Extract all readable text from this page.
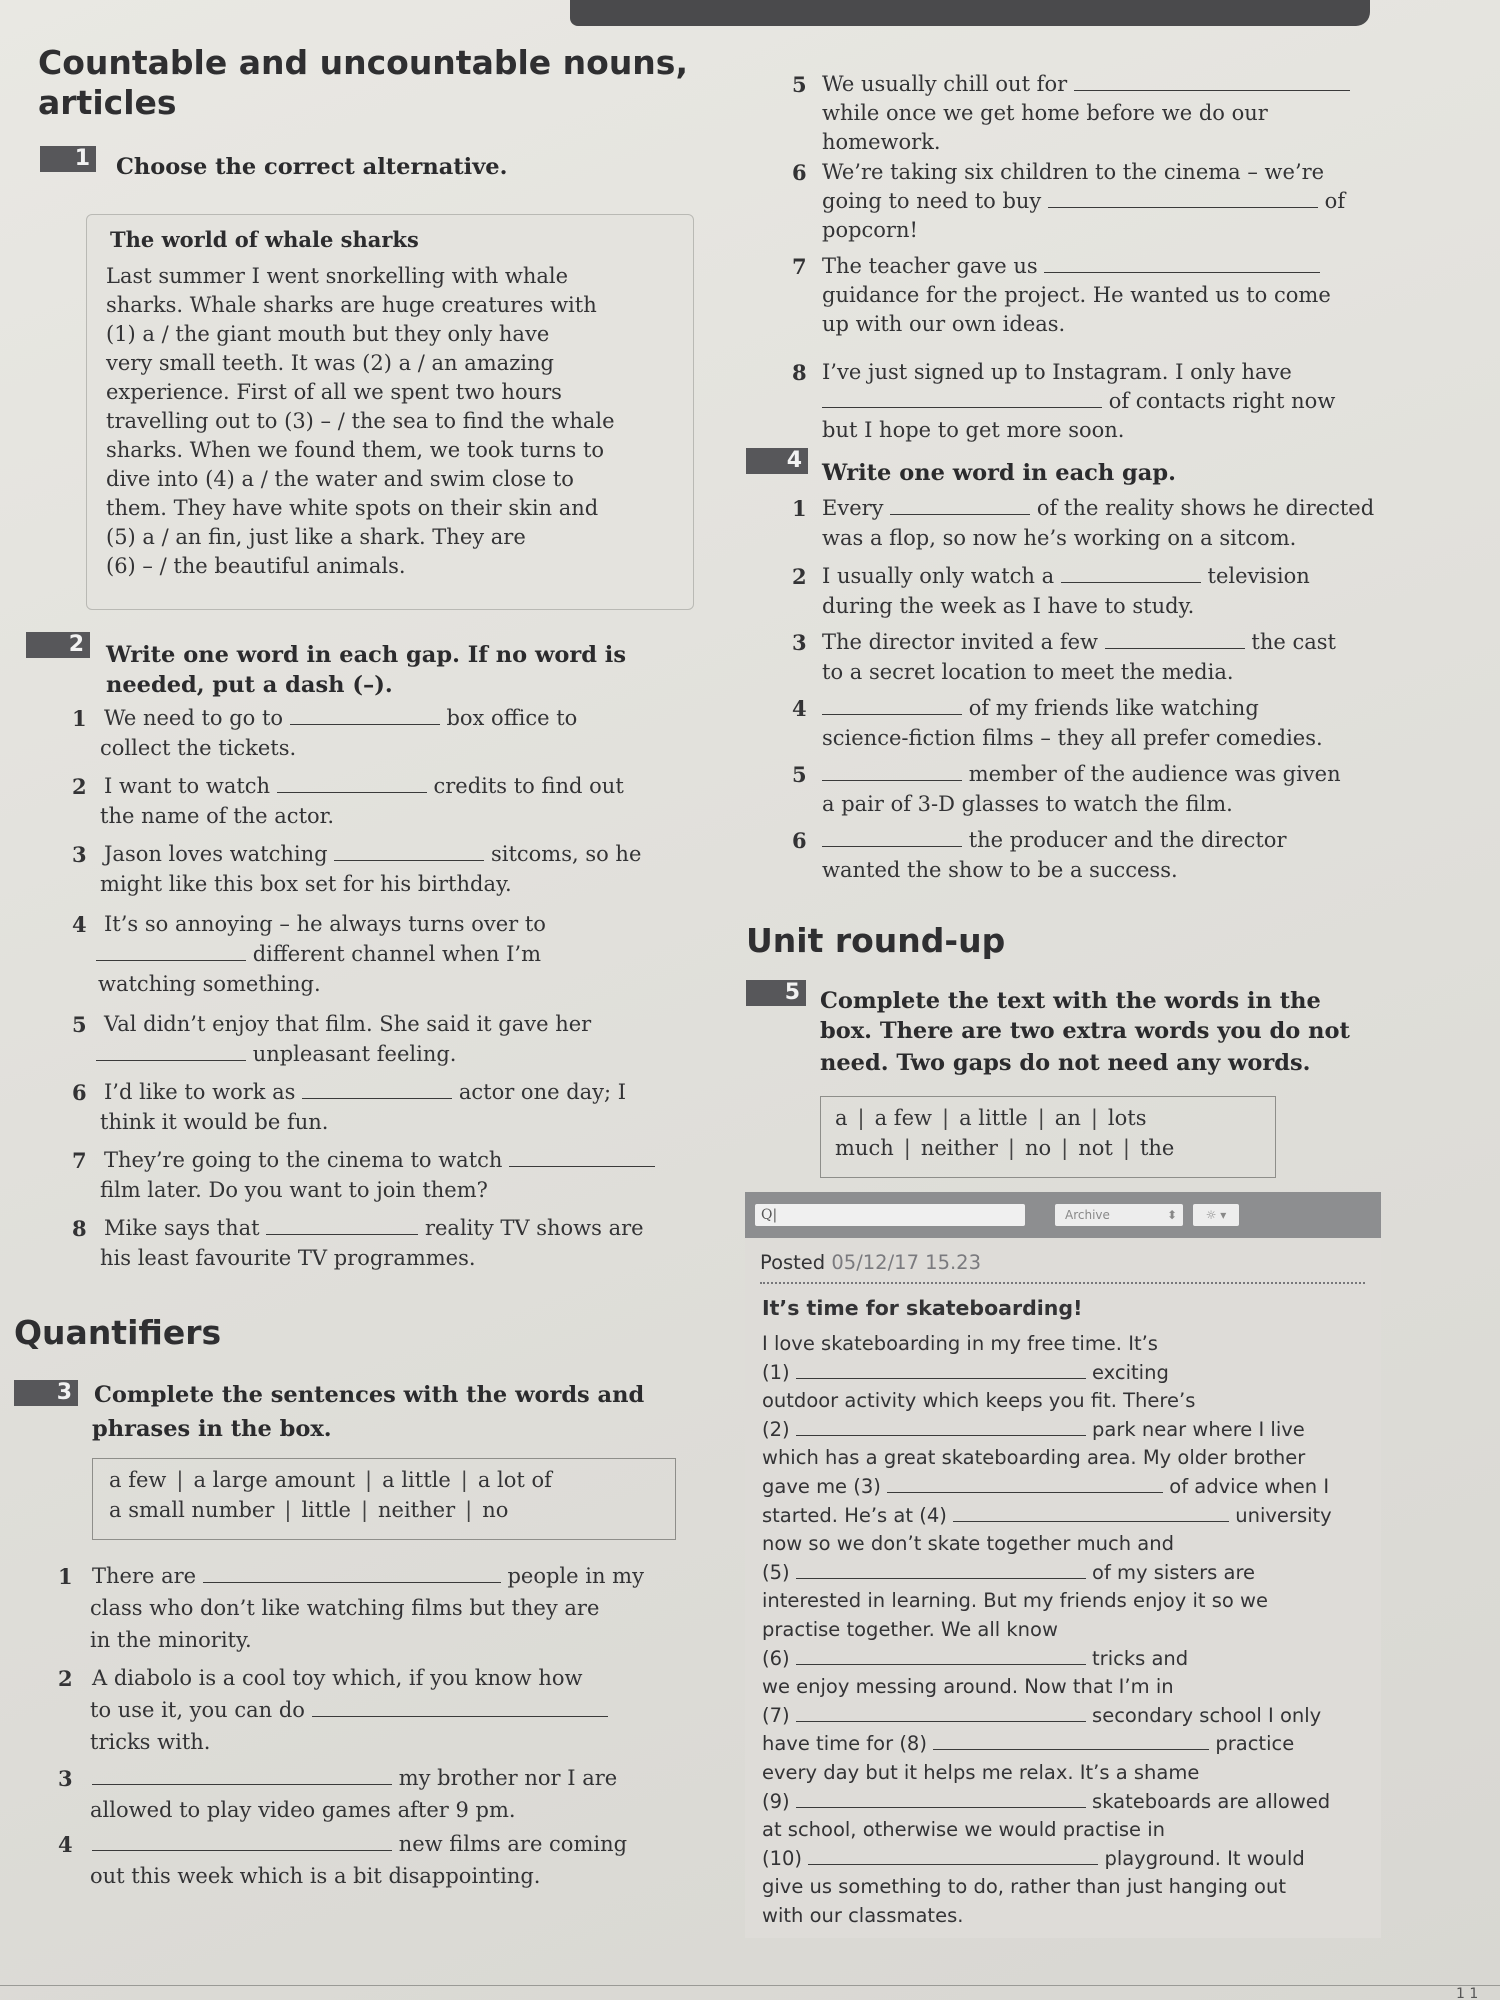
Countable and uncountable nouns,
articles
1 Choose the correct alternative.
The world of whale sharks
Last summer I went snorkelling with whale
sharks. Whale sharks are huge creatures with
(1) a / the giant mouth but they only have
very small teeth. It was (2) a / an amazing
experience. First of all we spent two hours
travelling out to (3) – / the sea to find the whale
sharks. When we found them, we took turns to
dive into (4) a / the water and swim close to
them. They have white spots on their skin and
(5) a / an fin, just like a shark. They are
(6) – / the beautiful animals.
2 Write one word in each gap. If no word is
needed, put a dash (–).
1 We need to go to	box office to
collect the tickets.
2 I want to watch	credits to find out
the name of the actor.
3 Jason loves watching	sitcoms, so he
might like this box set for his birthday.
4 It’s so annoying – he always turns over to
different channel when I’m
watching something.
5 Val didn’t enjoy that film. She said it gave her
unpleasant feeling.
6 I’d like to work as	actor one day; I
think it would be fun.
7 They’re going to the cinema to watch
film later. Do you want to join them?
8 Mike says that	reality TV shows are
his least favourite TV programmes.
Quantifiers
3 Complete the sentences with the words and
phrases in the box.
a few | a large amount | a little | a lot of
a small number | little | neither | no
1 There are	people in my
class who don’t like watching films but they are
in the minority.
2 A diabolo is a cool toy which, if you know how
to use it, you can do
tricks with.
3	my brother nor I are
allowed to play video games after 9 pm.
4	new films are coming
out this week which is a bit disappointing.
5 We usually chill out for
while once we get home before we do our
homework.
6 We’re taking six children to the cinema – we’re
going to need to buy	of
popcorn!
7 The teacher gave us
guidance for the project. He wanted us to come
up with our own ideas.
8 I’ve just signed up to Instagram. I only have
of contacts right now
but I hope to get more soon.
4 Write one word in each gap.
1 Every	of the reality shows he directed
was a flop, so now he’s working on a sitcom.
2 I usually only watch a	television
during the week as I have to study.
3 The director invited a few	the cast
to a secret location to meet the media.
4	of my friends like watching
science-fiction films – they all prefer comedies.
5	member of the audience was given
a pair of 3-D glasses to watch the film.
6	the producer and the director
wanted the show to be a success.
Unit round-up
5 Complete the text with the words in the
box. There are two extra words you do not
need. Two gaps do not need any words.
a | a few | a little | an | lots
much | neither | no | not | the
Q|	Archive	⬍	☼ ▾
Posted 05/12/17 15.23
It’s time for skateboarding!
I love skateboarding in my free time. It’s
(1)	exciting
outdoor activity which keeps you fit. There’s
(2)	park near where I live
which has a great skateboarding area. My older brother
gave me (3)	of advice when I
started. He’s at (4)	university
now so we don’t skate together much and
(5)	of my sisters are
interested in learning. But my friends enjoy it so we
practise together. We all know
(6)	tricks and
we enjoy messing around. Now that I’m in
(7)	secondary school I only
have time for (8)	practice
every day but it helps me relax. It’s a shame
(9)	skateboards are allowed
at school, otherwise we would practise in
(10)	playground. It would
give us something to do, rather than just hanging out
with our classmates.
1 1
